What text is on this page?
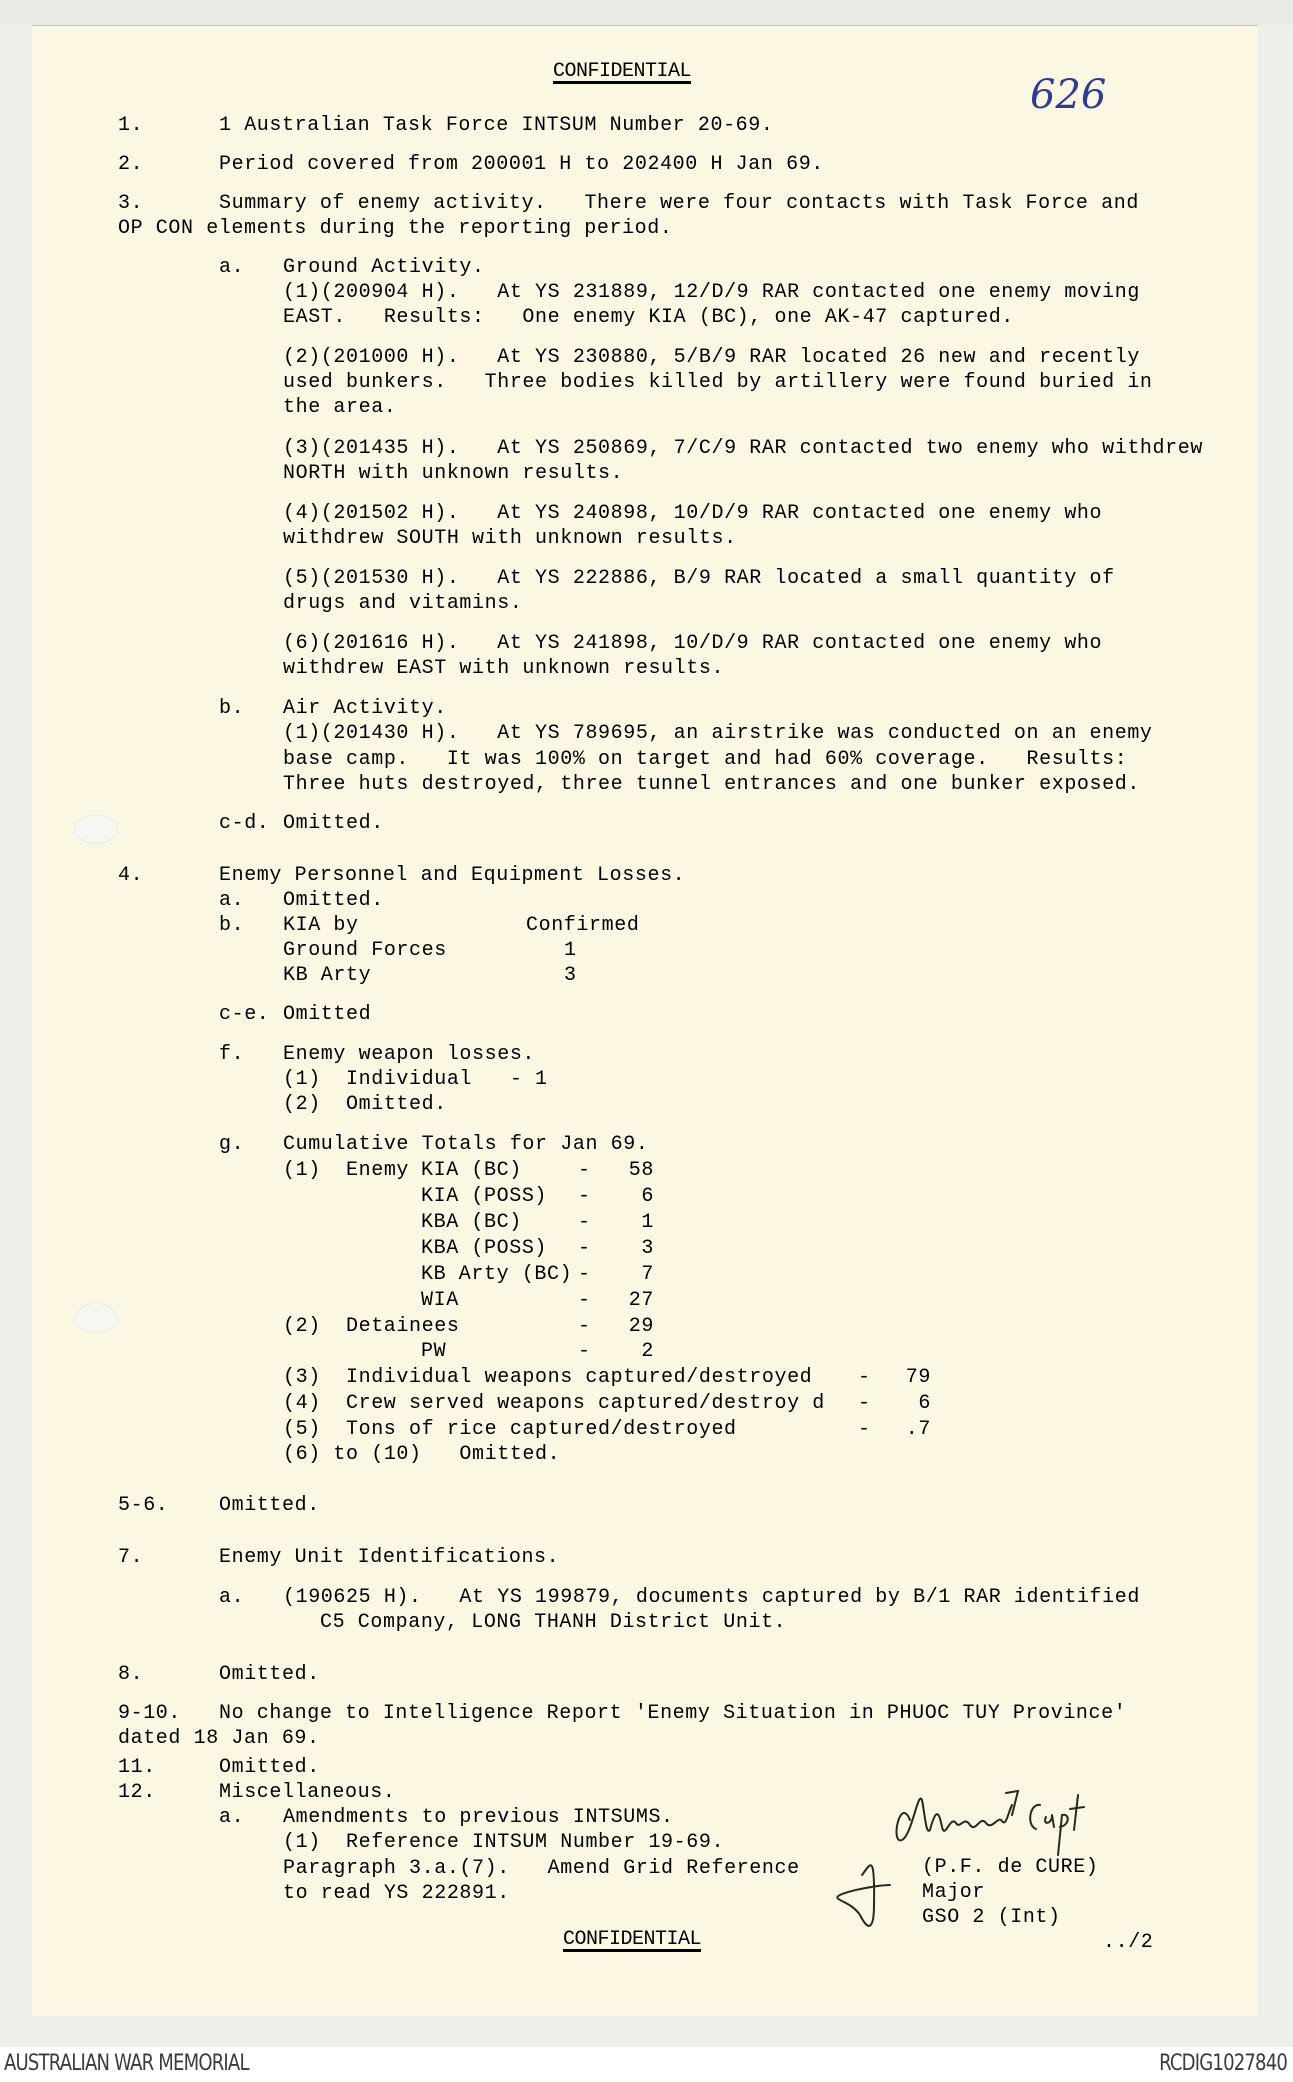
CONFIDENTIAL
626
1.	1 Australian Task Force INTSUM Number 20-69.
2.	Period covered from 200001 H to 202400 H Jan 69.
3.	Summary of enemy activity.   There were four contacts with Task Force and
OP CON elements during the reporting period.
a. Ground Activity.
(1)(200904 H).   At YS 231889, 12/D/9 RAR contacted one enemy moving
EAST.   Results:   One enemy KIA (BC), one AK-47 captured.
(2)(201000 H).   At YS 230880, 5/B/9 RAR located 26 new and recently
used bunkers.   Three bodies killed by artillery were found buried in
the area.
(3)(201435 H).   At YS 250869, 7/C/9 RAR contacted two enemy who withdrew
NORTH with unknown results.
(4)(201502 H).   At YS 240898, 10/D/9 RAR contacted one enemy who
withdrew SOUTH with unknown results.
(5)(201530 H).   At YS 222886, B/9 RAR located a small quantity of
drugs and vitamins.
(6)(201616 H).   At YS 241898, 10/D/9 RAR contacted one enemy who
withdrew EAST with unknown results.
b. Air Activity.
(1)(201430 H).   At YS 789695, an airstrike was conducted on an enemy
base camp.   It was 100% on target and had 60% coverage.   Results:
Three huts destroyed, three tunnel entrances and one bunker exposed.
c-d. Omitted.
4.	Enemy Personnel and Equipment Losses.
a. Omitted.
b. KIA by	Confirmed
Ground Forces	1
KB Arty	3
c-e. Omitted
f. Enemy weapon losses.
(1)  Individual   - 1
(2)  Omitted.
g. Cumulative Totals for Jan 69.
(1)  Enemy KIA (BC)	- 58
KIA (POSS) -	6
KBA (BC)	-	1
KBA (POSS) -	3
KB Arty (BC) -	7
WIA	- 27
(2) Detainees	- 29
PW	-	2
(3) Individual weapons captured/destroyed -	79
(4) Crew served weapons captured/destroy d -	6
(5) Tons of rice captured/destroyed	-	.7
(6) to (10)   Omitted.
5-6.	Omitted.
7.	Enemy Unit Identifications.
a. (190625 H).   At YS 199879, documents captured by B/1 RAR identified
C5 Company, LONG THANH District Unit.
8.	Omitted.
9-10. No change to Intelligence Report 'Enemy Situation in PHUOC TUY Province'
dated 18 Jan 69.
11.	Omitted.
12.	Miscellaneous.
a. Amendments to previous INTSUMS.
(1)  Reference INTSUM Number 19-69.
Paragraph 3.a.(7).   Amend Grid Reference
to read YS 222891.
(P.F. de CURE)
Major
GSO 2 (Int)
CONFIDENTIAL	../2
AUSTRALIAN WAR MEMORIAL	RCDIG1027840
